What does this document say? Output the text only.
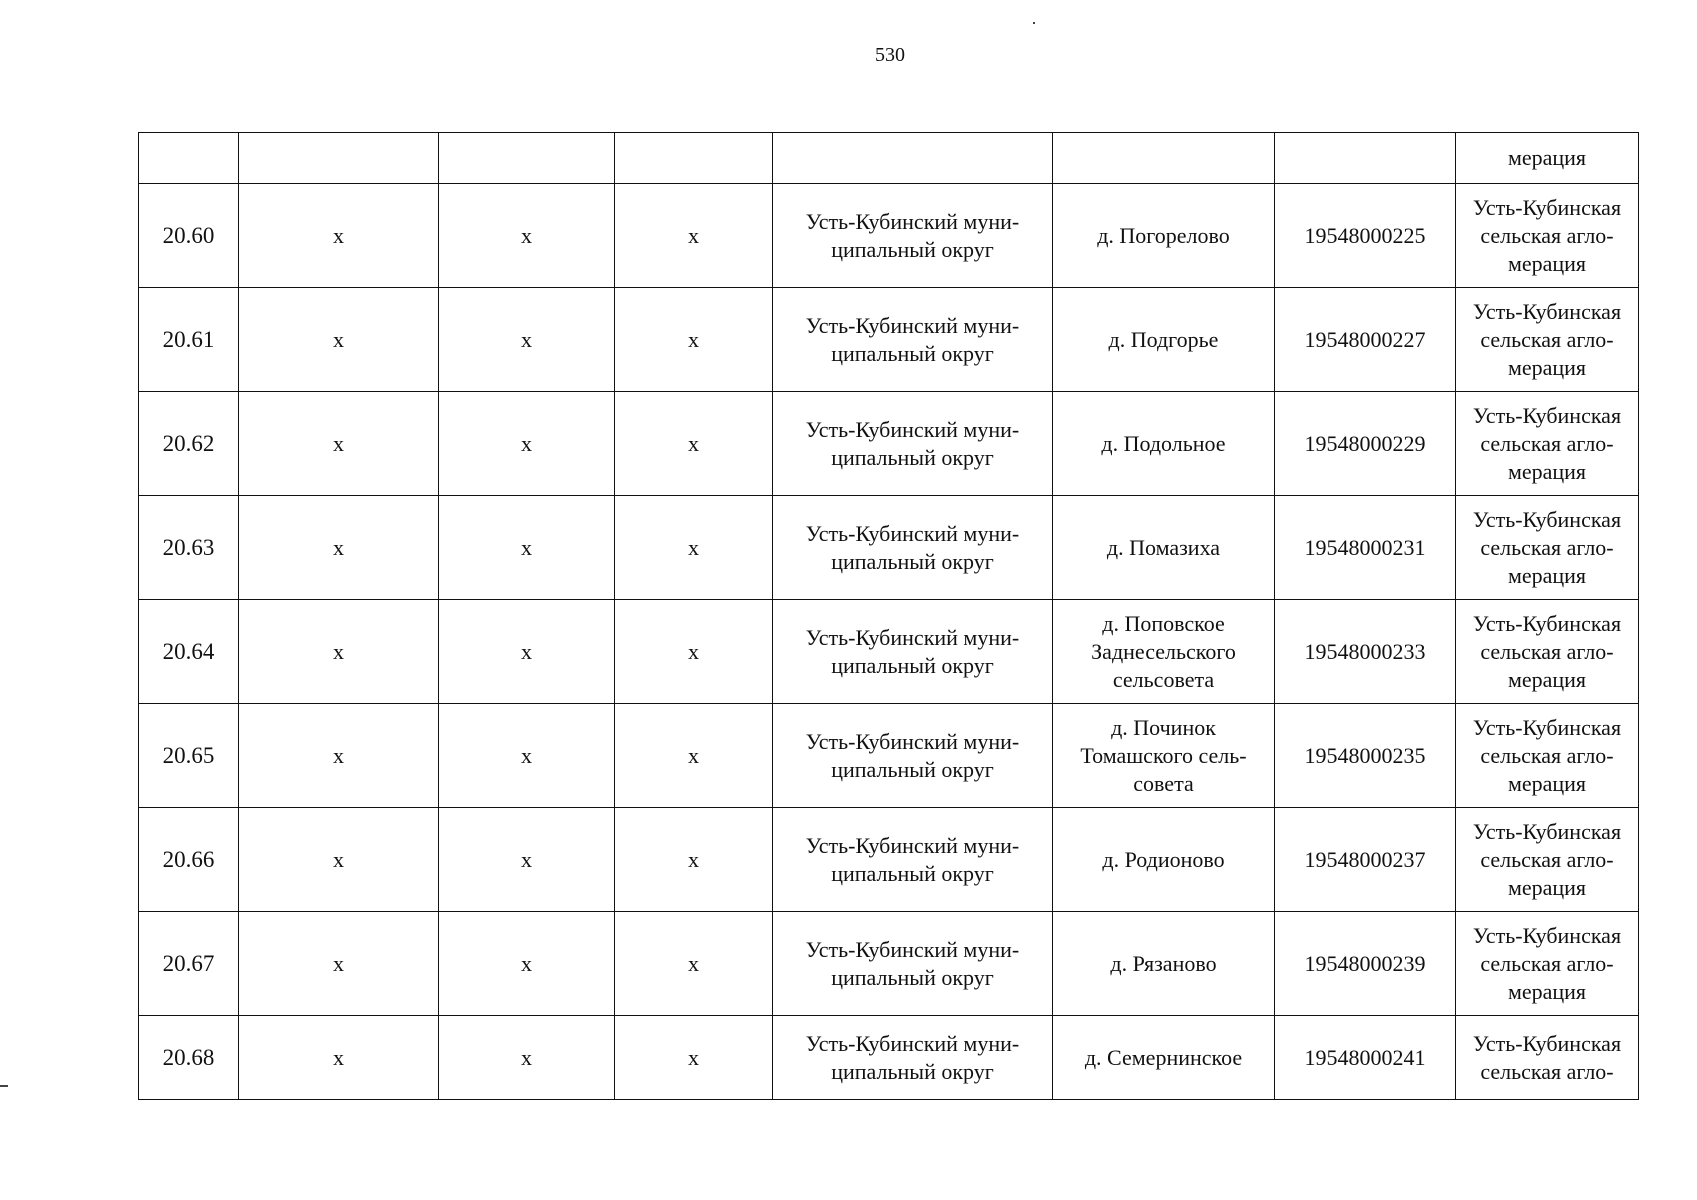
530
							мерация

20.60	х	х	х	Усть-Кубинский муни-ципальный округ	д. Погорелово	19548000225	Усть-Кубинская сельская агло-мерация

20.61	х	х	х	Усть-Кубинский муни-ципальный округ	д. Подгорье	19548000227	Усть-Кубинская сельская агло-мерация

20.62	х	х	х	Усть-Кубинский муни-ципальный округ	д. Подольное	19548000229	Усть-Кубинская сельская агло-мерация

20.63	х	х	х	Усть-Кубинский муни-ципальный округ	д. Помазиха	19548000231	Усть-Кубинская сельская агло-мерация

20.64	х	х	х	Усть-Кубинский муни-ципальный округ	д. Поповское Заднесельского сельсовета	19548000233	Усть-Кубинская сельская агло-мерация

20.65	х	х	х	Усть-Кубинский муни-ципальный округ	д. Починок Томашского сель-совета	19548000235	Усть-Кубинская сельская агло-мерация

20.66	х	х	х	Усть-Кубинский муни-ципальный округ	д. Родионово	19548000237	Усть-Кубинская сельская агло-мерация

20.67	х	х	х	Усть-Кубинский муни-ципальный округ	д. Рязаново	19548000239	Усть-Кубинская сельская агло-мерация

20.68	х	х	х	Усть-Кубинский муни-ципальный округ	д. Семернинское	19548000241	Усть-Кубинская сельская агло-
